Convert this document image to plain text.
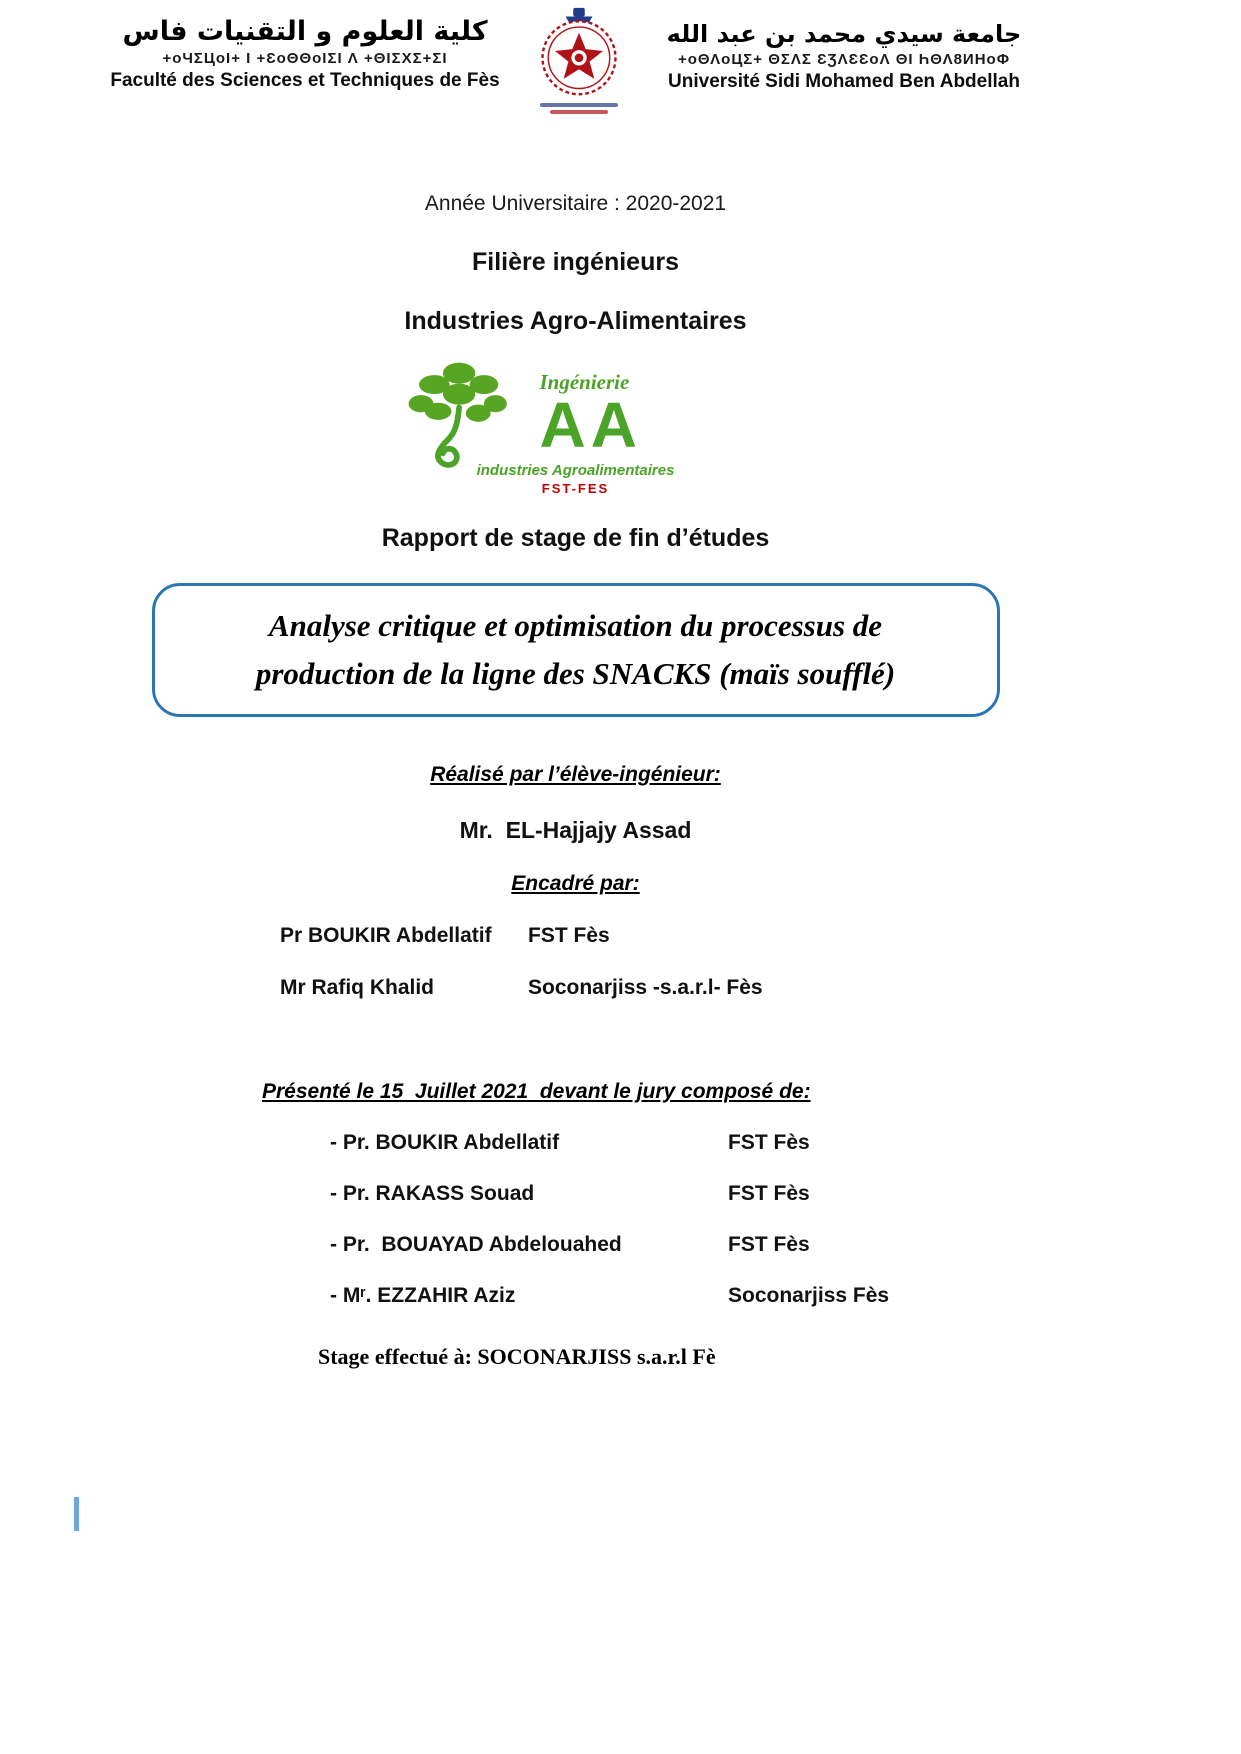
كلية العلوم و التقنيات فاس
+oЧΣЦoI+ I +ƐoΘΘoIΣI Λ +ΘIΣΧΣ+ΣI
Faculté des Sciences et Techniques de Fès
جامعة سيدي محمد بن عبد الله
+oΘΛoЦΣ+ ΘΣΛΣ ƐƷΛƐƐoΛ ΘI ҺΘΛ8ИНoΦ
Université Sidi Mohamed Ben Abdellah
Année Universitaire : 2020-2021
Filière ingénieurs
Industries Agro-Alimentaires
Ingénierie
AA
industries Agroalimentaires
FST-FES
Rapport de stage de fin d’études
Analyse critique et optimisation du processus de
production de la ligne des SNACKS (maïs soufflé)
Réalisé par l’élève-ingénieur:
Mr.  EL-Hajjajy Assad
Encadré par:
Pr BOUKIR Abdellatif	FST Fès
Mr Rafiq Khalid	Soconarjiss -s.a.r.l- Fès
Présenté le 15  Juillet 2021  devant le jury composé de:
- Pr. BOUKIR Abdellatif	FST Fès
- Pr. RAKASS Souad	FST Fès
- Pr.  BOUAYAD Abdelouahed	FST Fès
- Mʳ. EZZAHIR Aziz	Soconarjiss Fès
Stage effectué à: SOCONARJISS s.a.r.l Fè
